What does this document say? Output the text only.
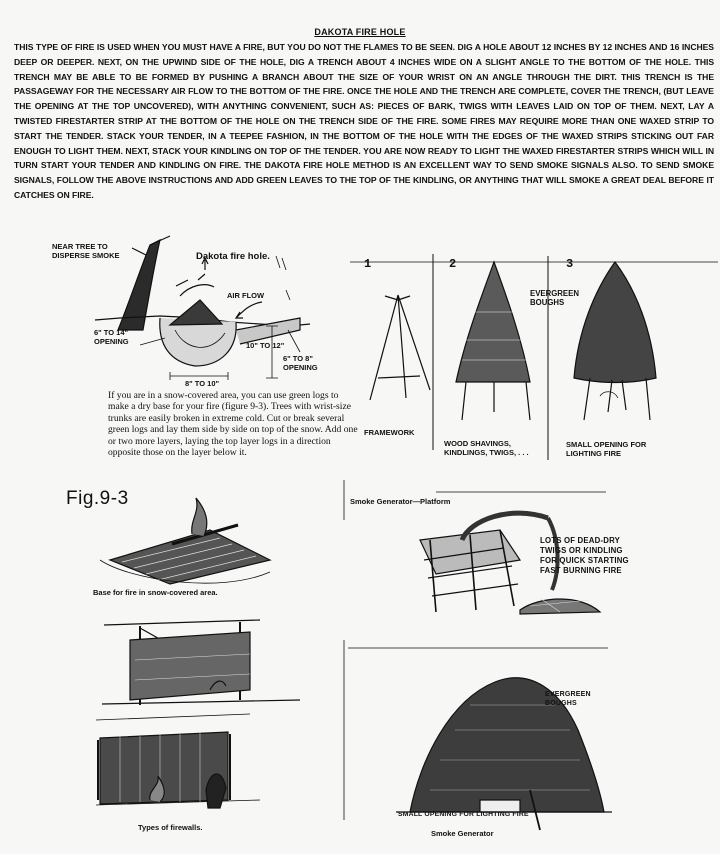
DAKOTA FIRE HOLE
THIS TYPE OF FIRE IS USED WHEN YOU MUST HAVE A FIRE, BUT YOU DO NOT THE FLAMES TO BE SEEN. DIG A HOLE ABOUT 12 INCHES BY 12 INCHES AND 16 INCHES DEEP OR DEEPER. NEXT, ON THE UPWIND SIDE OF THE HOLE, DIG A TRENCH ABOUT 4 INCHES WIDE ON A SLIGHT ANGLE TO THE BOTTOM OF THE HOLE. THIS TRENCH MAY BE ABLE TO BE FORMED BY PUSHING A BRANCH ABOUT THE SIZE OF YOUR WRIST ON AN ANGLE THROUGH THE DIRT. THIS TRENCH IS THE PASSAGEWAY FOR THE NECESSARY AIR FLOW TO THE BOTTOM OF THE FIRE. ONCE THE HOLE AND THE TRENCH ARE COMPLETE, COVER THE TRENCH, (BUT LEAVE THE OPENING AT THE TOP UNCOVERED), WITH ANYTHING CONVENIENT, SUCH AS: PIECES OF BARK, TWIGS WITH LEAVES LAID ON TOP OF THEM. NEXT, LAY A TWISTED FIRESTARTER STRIP AT THE BOTTOM OF THE HOLE ON THE TRENCH SIDE OF THE FIRE. SOME FIRES MAY REQUIRE MORE THAN ONE WAXED STRIP TO START THE TENDER. STACK YOUR TENDER, IN A TEEPEE FASHION, IN THE BOTTOM OF THE HOLE WITH THE EDGES OF THE WAXED STRIPS STICKING OUT FAR ENOUGH TO LIGHT THEM. NEXT, STACK YOUR KINDLING ON TOP OF THE TENDER. YOU ARE NOW READY TO LIGHT THE WAXED FIRESTARTER STRIPS WHICH WILL IN TURN START YOUR TENDER AND KINDLING ON FIRE. THE DAKOTA FIRE HOLE METHOD IS AN EXCELLENT WAY TO SEND SMOKE SIGNALS ALSO. TO SEND SMOKE SIGNALS, FOLLOW THE ABOVE INSTRUCTIONS AND ADD GREEN LEAVES TO THE TOP OF THE KINDLING, OR ANYTHING THAT WILL SMOKE A GREAT DEAL BEFORE IT CATCHES ON FIRE.
NEAR TREE TO
DISPERSE SMOKE	Dakota fire hole.
AIR FLOW
6" TO 14"
OPENING	10" TO 12"
6" TO 8"
OPENING
8" TO 10"
1	2	3
EVERGREEN
BOUGHS
FRAMEWORK
WOOD SHAVINGS,
KINDLINGS, TWIGS, . . .
SMALL OPENING FOR
LIGHTING FIRE
If you are in a snow-covered area, you can use green logs to make a dry base for your fire (figure 9-3). Trees with wrist-size trunks are easily broken in extreme cold. Cut or break several green logs and lay them side by side on top of the snow. Add one or two more layers, laying the top layer logs in a direction opposite those on the layer below it.
Fig.9-3
Base for fire in snow-covered area.
Types of firewalls.
Smoke Generator—Platform
LOTS OF DEAD-DRY
TWIGS OR KINDLING
FOR QUICK STARTING
FAST BURNING FIRE
EVERGREEN
BOUGHS
SMALL OPENING FOR LIGHTING FIRE
Smoke Generator
